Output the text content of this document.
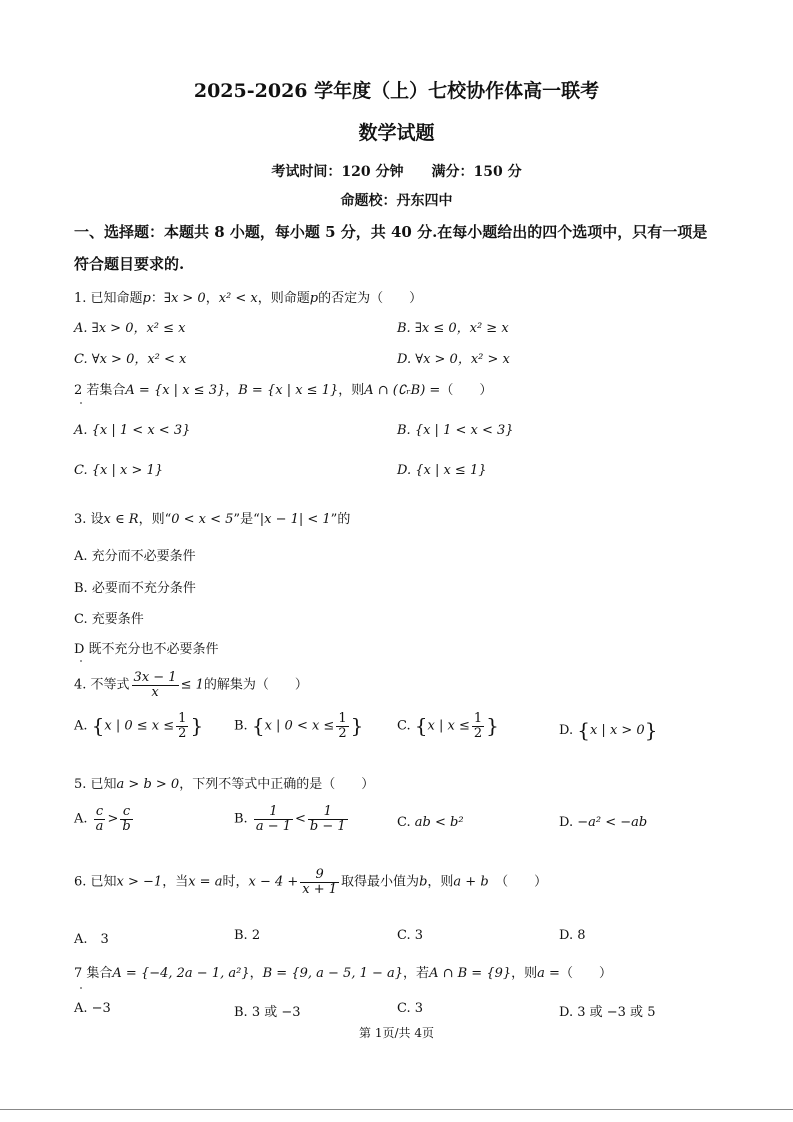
2025-2026 学年度（上）七校协作体高一联考
数学试题
考试时间：120 分钟　　满分：150 分
命题校：丹东四中
一、选择题：本题共 8 小题，每小题 5 分，共 40 分.在每小题给出的四个选项中，只有一项是
符合题目要求的.
1. 已知命题p：∃x > 0，x² < x，则命题p的否定为（　　）
A. ∃x > 0，x² ≤ x	B. ∃x ≤ 0，x² ≥ x
C. ∀x > 0，x² < x	D. ∀x > 0，x² > x
2 若集合A = {x | x ≤ 3}，B = {x | x ≤ 1}，则A ∩ (∁ᵣB) =（　　）
A. {x | 1 < x < 3}	B. {x | 1 < x < 3}
C. {x | x > 1}	D. {x | x ≤ 1}
3. 设x ∈ R，则“0 < x < 5”是“|x − 1| < 1”的
A. 充分而不必要条件
B. 必要而不充分条件
C. 充要条件
D 既不充分也不必要条件
4. 不等式 $\frac{3x - 1}{x} \le 1$的解集为（　　）
A. {x | $0 \le x \le \frac{1}{2}$ } B. {x | $0 < x \le \frac{1}{2}$ }	C. {x | $x \le \frac{1}{2}$ }	D. {x | x > 0}
5. 已知a > b > 0，下列不等式中正确的是（　　）
A. $\frac{c}{a} > \frac{c}{b}$	B. $\frac{1}{a - 1} < \frac{1}{b - 1}$	C. ab < b²	D. −a² < −ab
6. 已知x > −1，当x = a时，$x - 4 + \frac{9}{x + 1}$ 取得最小值为b，则a + b　（　　）
A.　3	B. 2	C. 3	D. 8
7 集合A = {−4, 2a − 1, a²}，B = {9, a − 5, 1 − a}，若A ∩ B = {9}，则a =（　　）
A. −3	B. 3 或 −3	C. 3	D. 3 或 −3 或 5
第 1页/共 4页
